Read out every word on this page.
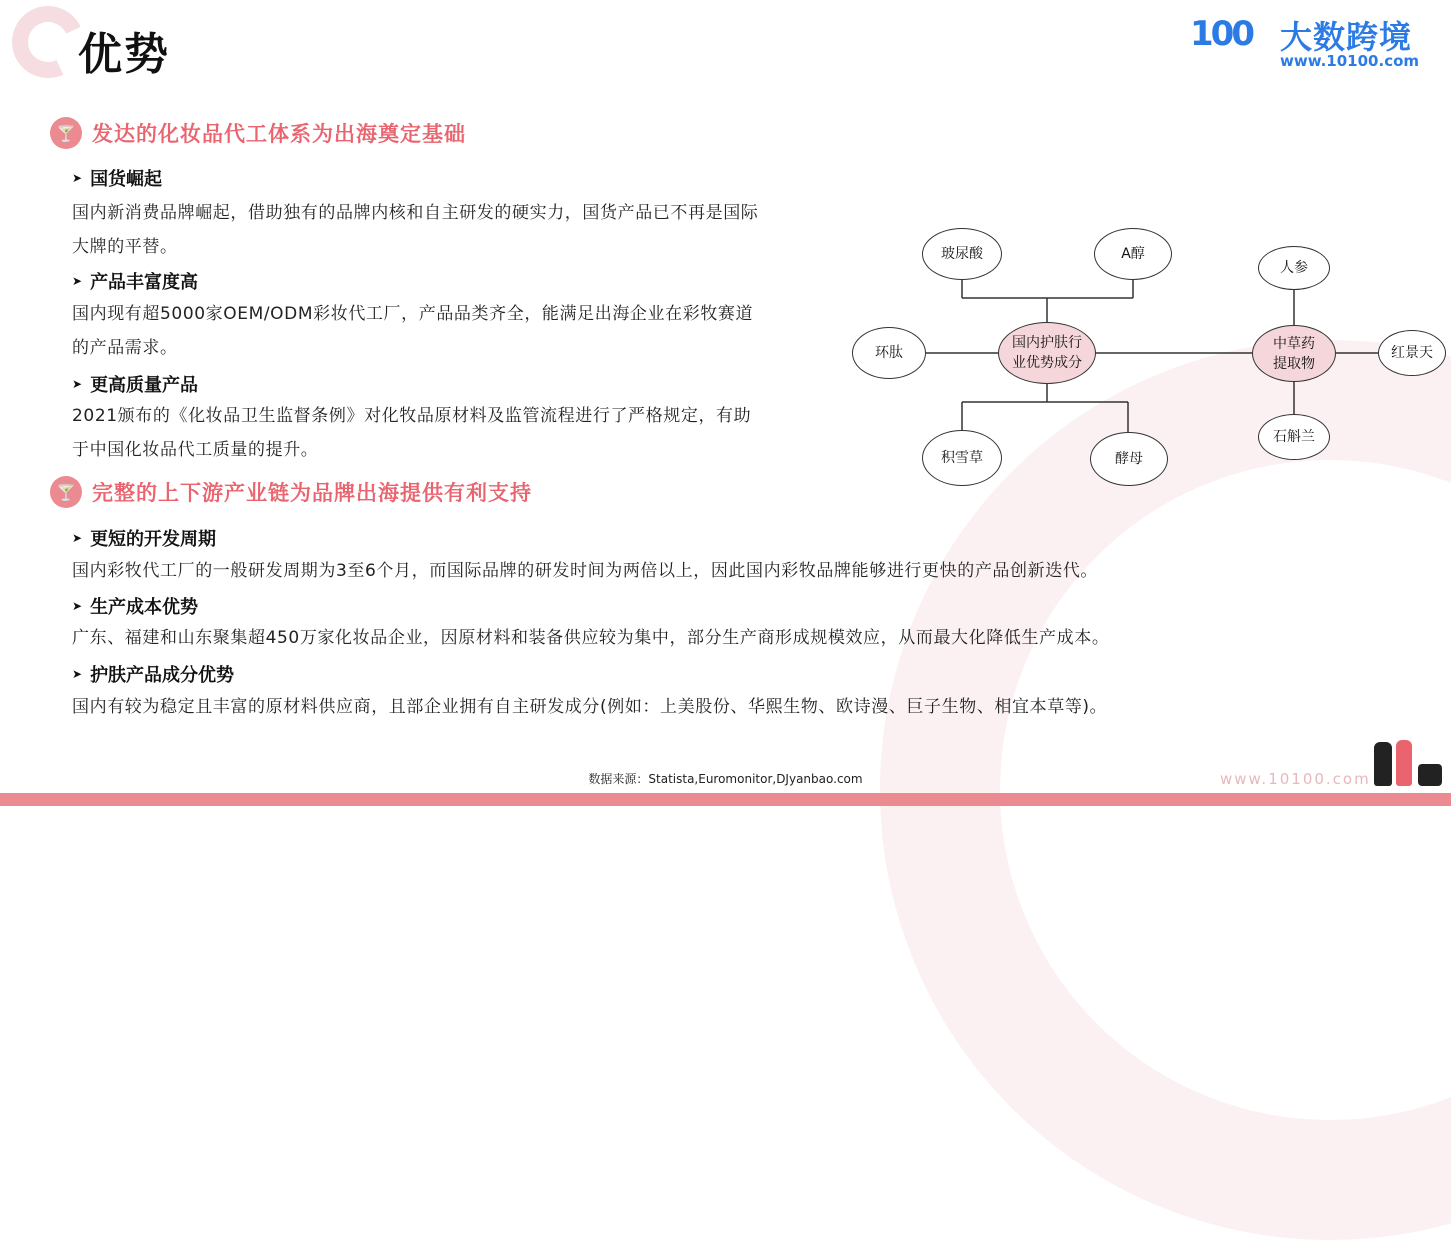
优势	100 大数跨境
www.10100.com
🍸 发达的化妆品代工体系为出海奠定基础
➤ 国货崛起
国内新消费品牌崛起，借助独有的品牌内核和自主研发的硬实力，国货产品已不再是国际
大牌的平替。
➤ 产品丰富度高
国内现有超5000家OEM/ODM彩妆代工厂，产品品类齐全，能满足出海企业在彩牧赛道
的产品需求。
➤ 更高质量产品
2021颁布的《化妆品卫生监督条例》对化牧品原材料及监管流程进行了严格规定，有助
于中国化妆品代工质量的提升。
🍸 完整的上下游产业链为品牌出海提供有利支持
➤ 更短的开发周期
国内彩牧代工厂的一般研发周期为3至6个月，而国际品牌的研发时间为两倍以上，因此国内彩牧品牌能够进行更快的产品创新迭代。
➤ 生产成本优势
广东、福建和山东聚集超450万家化妆品企业，因原材料和装备供应较为集中，部分生产商形成规模效应，从而最大化降低生产成本。
➤ 护肤产品成分优势
国内有较为稳定且丰富的原材料供应商，且部企业拥有自主研发成分(例如：上美股份、华熙生物、欧诗漫、巨子生物、相宜本草等)。
玻尿酸	A醇
环肽
积雪草	酵母
国内护肤行
业优势成分
中草药
提取物
人参
红景天
石斛兰
数据来源：Statista,Euromonitor,DJyanbao.com	www.10100.com
